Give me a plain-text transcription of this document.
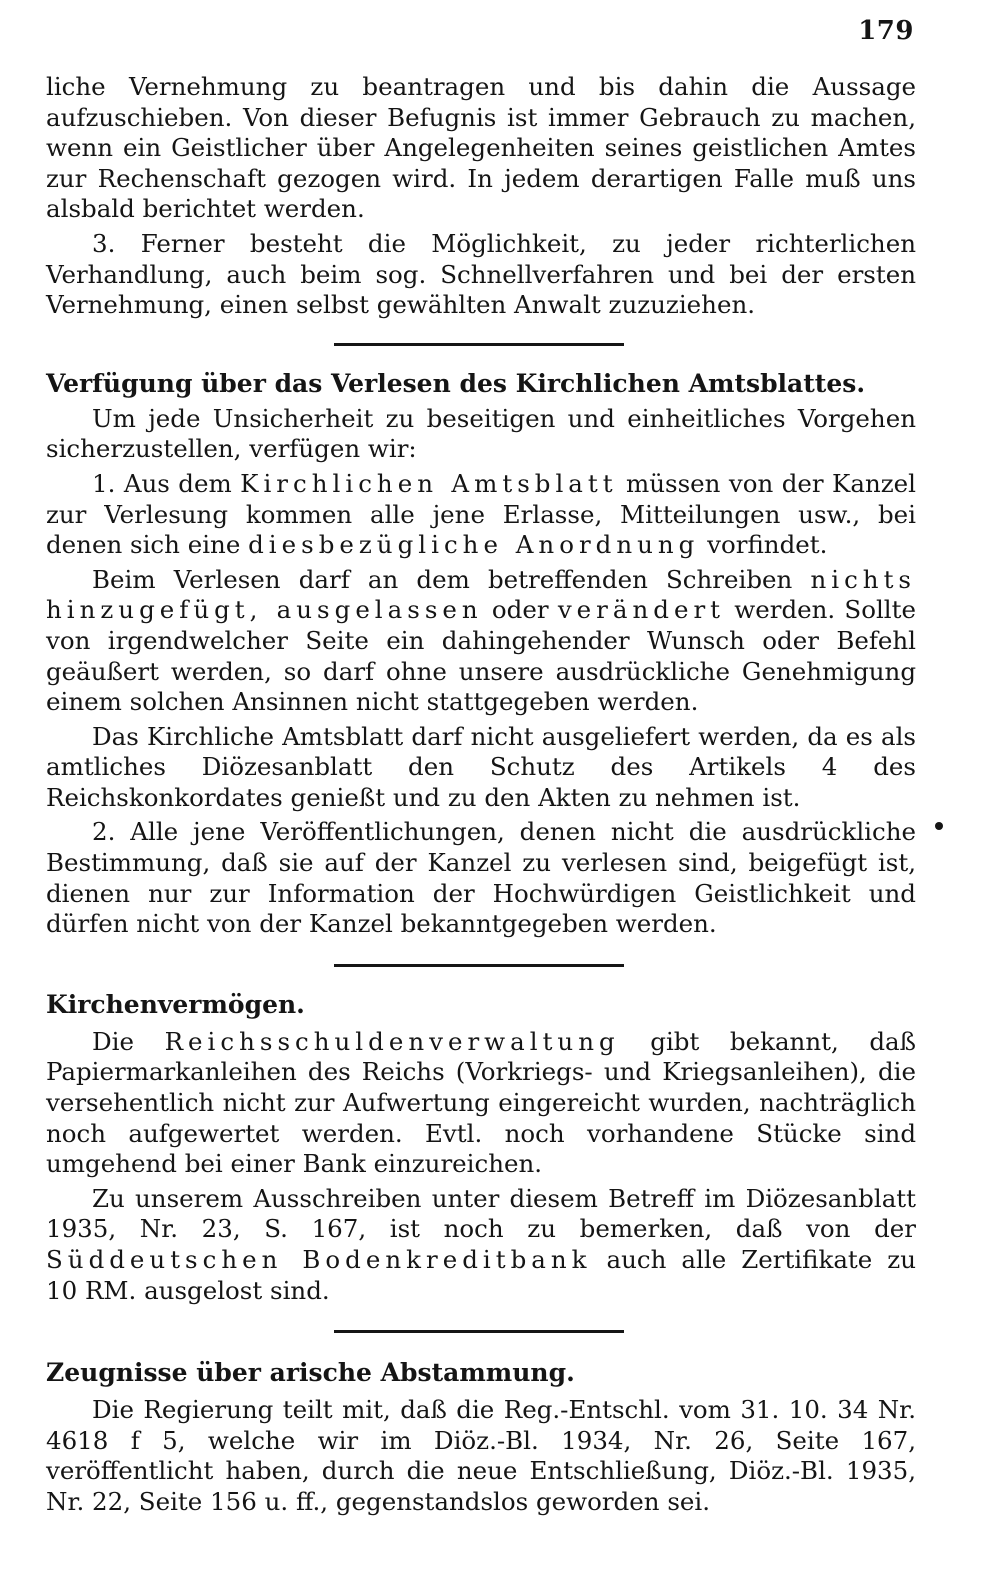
179

liche Vernehmung zu beantragen und bis dahin die Aussage aufzuschieben. Von dieser Befugnis ist immer Gebrauch zu machen, wenn ein Geistlicher über Angelegenheiten seines geistlichen Amtes zur Rechenschaft gezogen wird. In jedem derartigen Falle muß uns alsbald berichtet werden.

3. Ferner besteht die Möglichkeit, zu jeder richterlichen Verhandlung, auch beim sog. Schnellverfahren und bei der ersten Vernehmung, einen selbst gewählten Anwalt zuzuziehen.

Verfügung über das Verlesen des Kirchlichen Amtsblattes.

Um jede Unsicherheit zu beseitigen und einheitliches Vorgehen sicherzustellen, verfügen wir:

1. Aus dem Kirchlichen Amtsblatt müssen von der Kanzel zur Verlesung kommen alle jene Erlasse, Mitteilungen usw., bei denen sich eine diesbezügliche Anordnung vorfindet.

Beim Verlesen darf an dem betreffenden Schreiben nichts hinzugefügt, ausgelassen oder verändert werden. Sollte von irgendwelcher Seite ein dahingehender Wunsch oder Befehl geäußert werden, so darf ohne unsere ausdrückliche Genehmigung einem solchen Ansinnen nicht stattgegeben werden.

Das Kirchliche Amtsblatt darf nicht ausgeliefert werden, da es als amtliches Diözesanblatt den Schutz des Artikels 4 des Reichskonkordates genießt und zu den Akten zu nehmen ist.

2. Alle jene Veröffentlichungen, denen nicht die ausdrückliche Bestimmung, daß sie auf der Kanzel zu verlesen sind, beigefügt ist, dienen nur zur Information der Hochwürdigen Geistlichkeit und dürfen nicht von der Kanzel bekanntgegeben werden.

Kirchenvermögen.

Die Reichsschuldenverwaltung gibt bekannt, daß Papiermarkanleihen des Reichs (Vorkriegs- und Kriegsanleihen), die versehentlich nicht zur Aufwertung eingereicht wurden, nachträglich noch aufgewertet werden. Evtl. noch vorhandene Stücke sind umgehend bei einer Bank einzureichen.

Zu unserem Ausschreiben unter diesem Betreff im Diözesanblatt 1935, Nr. 23, S. 167, ist noch zu bemerken, daß von der Süddeutschen Bodenkreditbank auch alle Zertifikate zu 10 RM. ausgelost sind.

Zeugnisse über arische Abstammung.

Die Regierung teilt mit, daß die Reg.-Entschl. vom 31. 10. 34 Nr. 4618 f 5, welche wir im Diöz.-Bl. 1934, Nr. 26, Seite 167, veröffentlicht haben, durch die neue Entschließung, Diöz.-Bl. 1935, Nr. 22, Seite 156 u. ff., gegenstandslos geworden sei.
